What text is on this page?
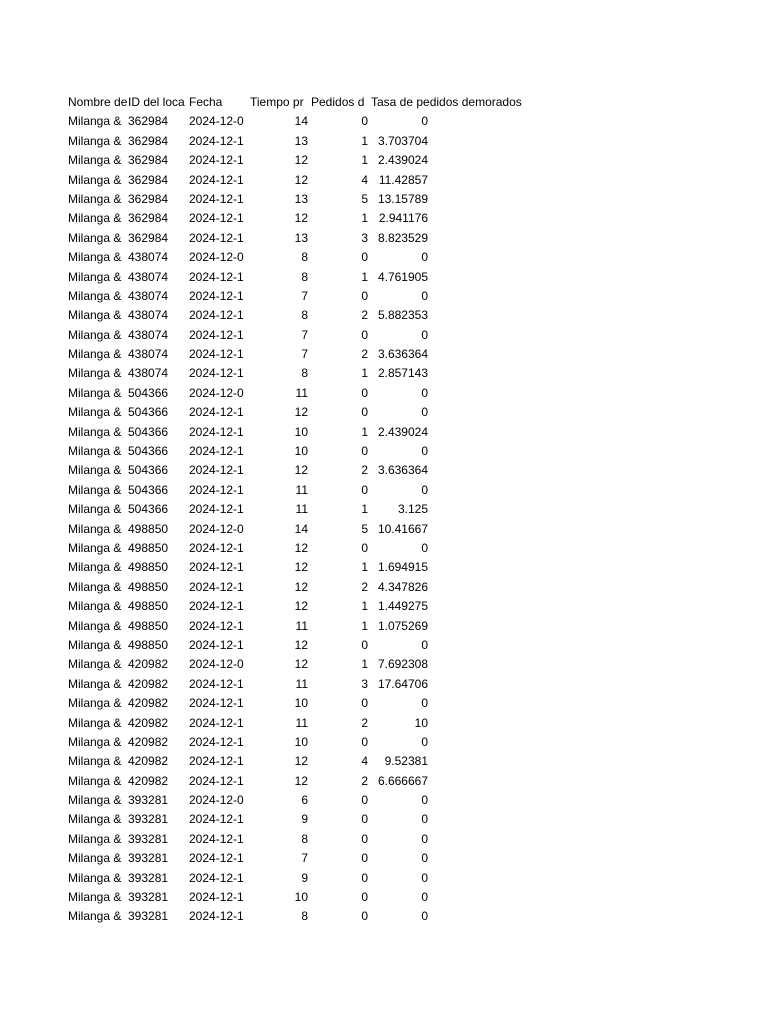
Nombre de ID del loca Fecha	Tiempo pr Pedidos d Tasa de pedidos demorados
Milanga & 362984	2024-12-0	14	0	0
Milanga & 362984	2024-12-1	13	1 3.703704
Milanga & 362984	2024-12-1	12	1 2.439024
Milanga & 362984	2024-12-1	12	4 11.42857
Milanga & 362984	2024-12-1	13	5 13.15789
Milanga & 362984	2024-12-1	12	1 2.941176
Milanga & 362984	2024-12-1	13	3 8.823529
Milanga & 438074	2024-12-0	8	0	0
Milanga & 438074	2024-12-1	8	1 4.761905
Milanga & 438074	2024-12-1	7	0	0
Milanga & 438074	2024-12-1	8	2 5.882353
Milanga & 438074	2024-12-1	7	0	0
Milanga & 438074	2024-12-1	7	2 3.636364
Milanga & 438074	2024-12-1	8	1 2.857143
Milanga & 504366	2024-12-0	11	0	0
Milanga & 504366	2024-12-1	12	0	0
Milanga & 504366	2024-12-1	10	1 2.439024
Milanga & 504366	2024-12-1	10	0	0
Milanga & 504366	2024-12-1	12	2 3.636364
Milanga & 504366	2024-12-1	11	0	0
Milanga & 504366	2024-12-1	11	1	3.125
Milanga & 498850	2024-12-0	14	5 10.41667
Milanga & 498850	2024-12-1	12	0	0
Milanga & 498850	2024-12-1	12	1 1.694915
Milanga & 498850	2024-12-1	12	2 4.347826
Milanga & 498850	2024-12-1	12	1 1.449275
Milanga & 498850	2024-12-1	11	1 1.075269
Milanga & 498850	2024-12-1	12	0	0
Milanga & 420982	2024-12-0	12	1 7.692308
Milanga & 420982	2024-12-1	11	3 17.64706
Milanga & 420982	2024-12-1	10	0	0
Milanga & 420982	2024-12-1	11	2	10
Milanga & 420982	2024-12-1	10	0	0
Milanga & 420982	2024-12-1	12	4	9.52381
Milanga & 420982	2024-12-1	12	2 6.666667
Milanga & 393281	2024-12-0	6	0	0
Milanga & 393281	2024-12-1	9	0	0
Milanga & 393281	2024-12-1	8	0	0
Milanga & 393281	2024-12-1	7	0	0
Milanga & 393281	2024-12-1	9	0	0
Milanga & 393281	2024-12-1	10	0	0
Milanga & 393281	2024-12-1	8	0	0
